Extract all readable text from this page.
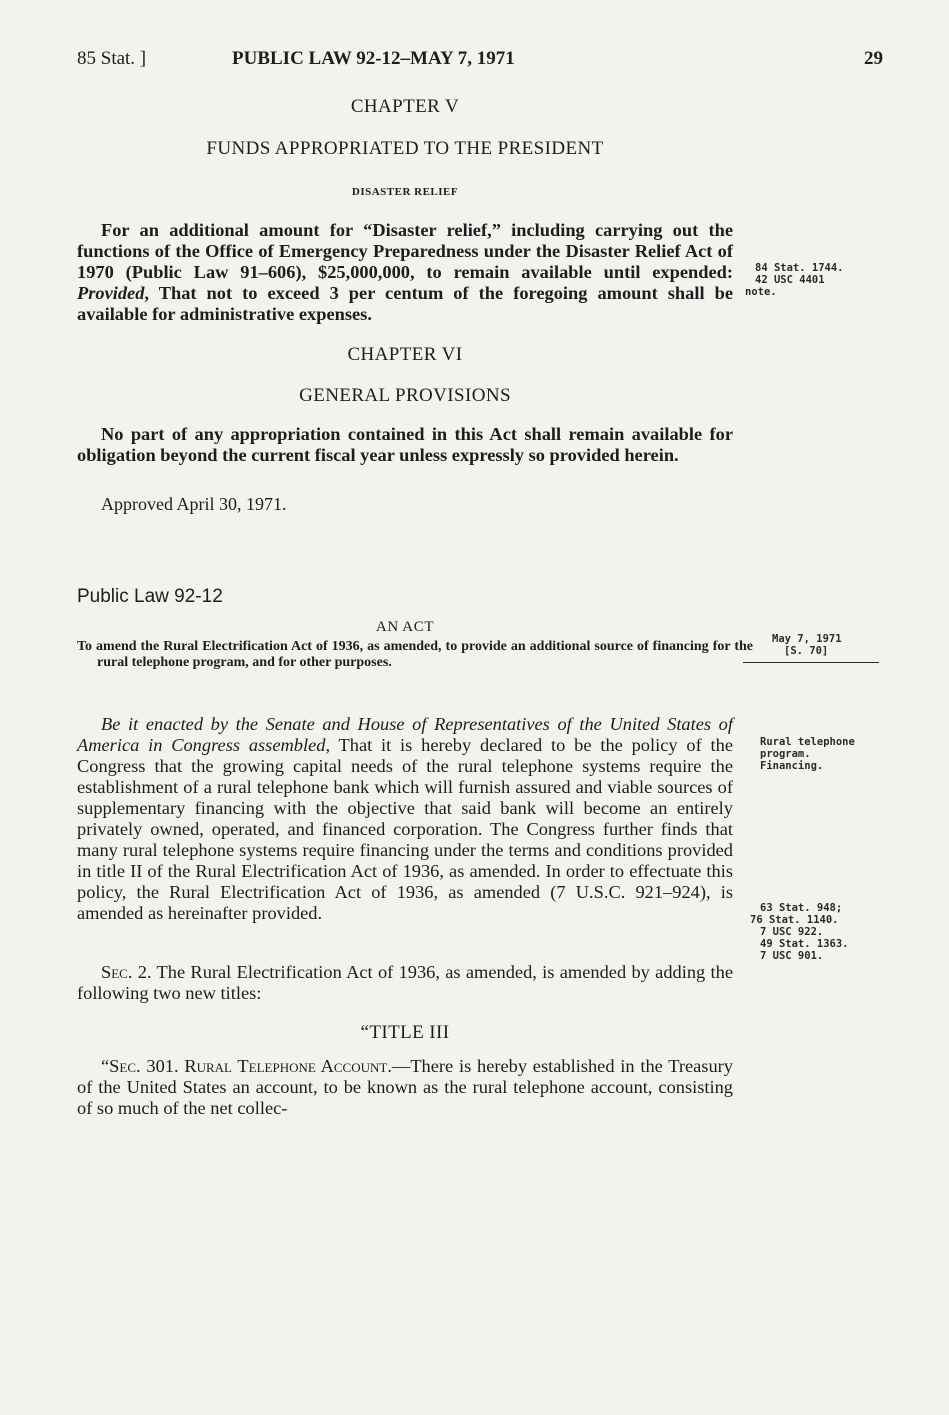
85 Stat. ]	PUBLIC LAW 92-12–MAY 7, 1971	29
CHAPTER V
FUNDS APPROPRIATED TO THE PRESIDENT
DISASTER RELIEF
For an additional amount for “Disaster relief,” including carrying out the functions of the Office of Emergency Preparedness under the Disaster Relief Act of 1970 (Public Law 91–606), $25,000,000, to remain available until expended: Provided, That not to exceed 3 per centum of the foregoing amount shall be available for administrative expenses.
CHAPTER VI
GENERAL PROVISIONS
No part of any appropriation contained in this Act shall remain available for obligation beyond the current fiscal year unless expressly so provided herein.
Approved April 30, 1971.
Public Law 92-12
AN ACT
To amend the Rural Electrification Act of 1936, as amended, to provide an additional source of financing for the rural telephone program, and for other purposes.
Be it enacted by the Senate and House of Representatives of the United States of America in Congress assembled, That it is hereby declared to be the policy of the Congress that the growing capital needs of the rural telephone systems require the establishment of a rural telephone bank which will furnish assured and viable sources of supplementary financing with the objective that said bank will become an entirely privately owned, operated, and financed corporation. The Congress further finds that many rural telephone systems require financing under the terms and conditions provided in title II of the Rural Electrification Act of 1936, as amended. In order to effectuate this policy, the Rural Electrification Act of 1936, as amended (7 U.S.C. 921–924), is amended as hereinafter provided.
Sec. 2. The Rural Electrification Act of 1936, as amended, is amended by adding the following two new titles:
“TITLE III
“Sec. 301. Rural Telephone Account.—There is hereby established in the Treasury of the United States an account, to be known as the rural telephone account, consisting of so much of the net collec-
84 Stat. 1744.
42 USC 4401
note.
May 7, 1971
[S. 70]
Rural telephone
program.
Financing.
63 Stat. 948;
76 Stat. 1140.
7 USC 922.
49 Stat. 1363.
7 USC 901.
